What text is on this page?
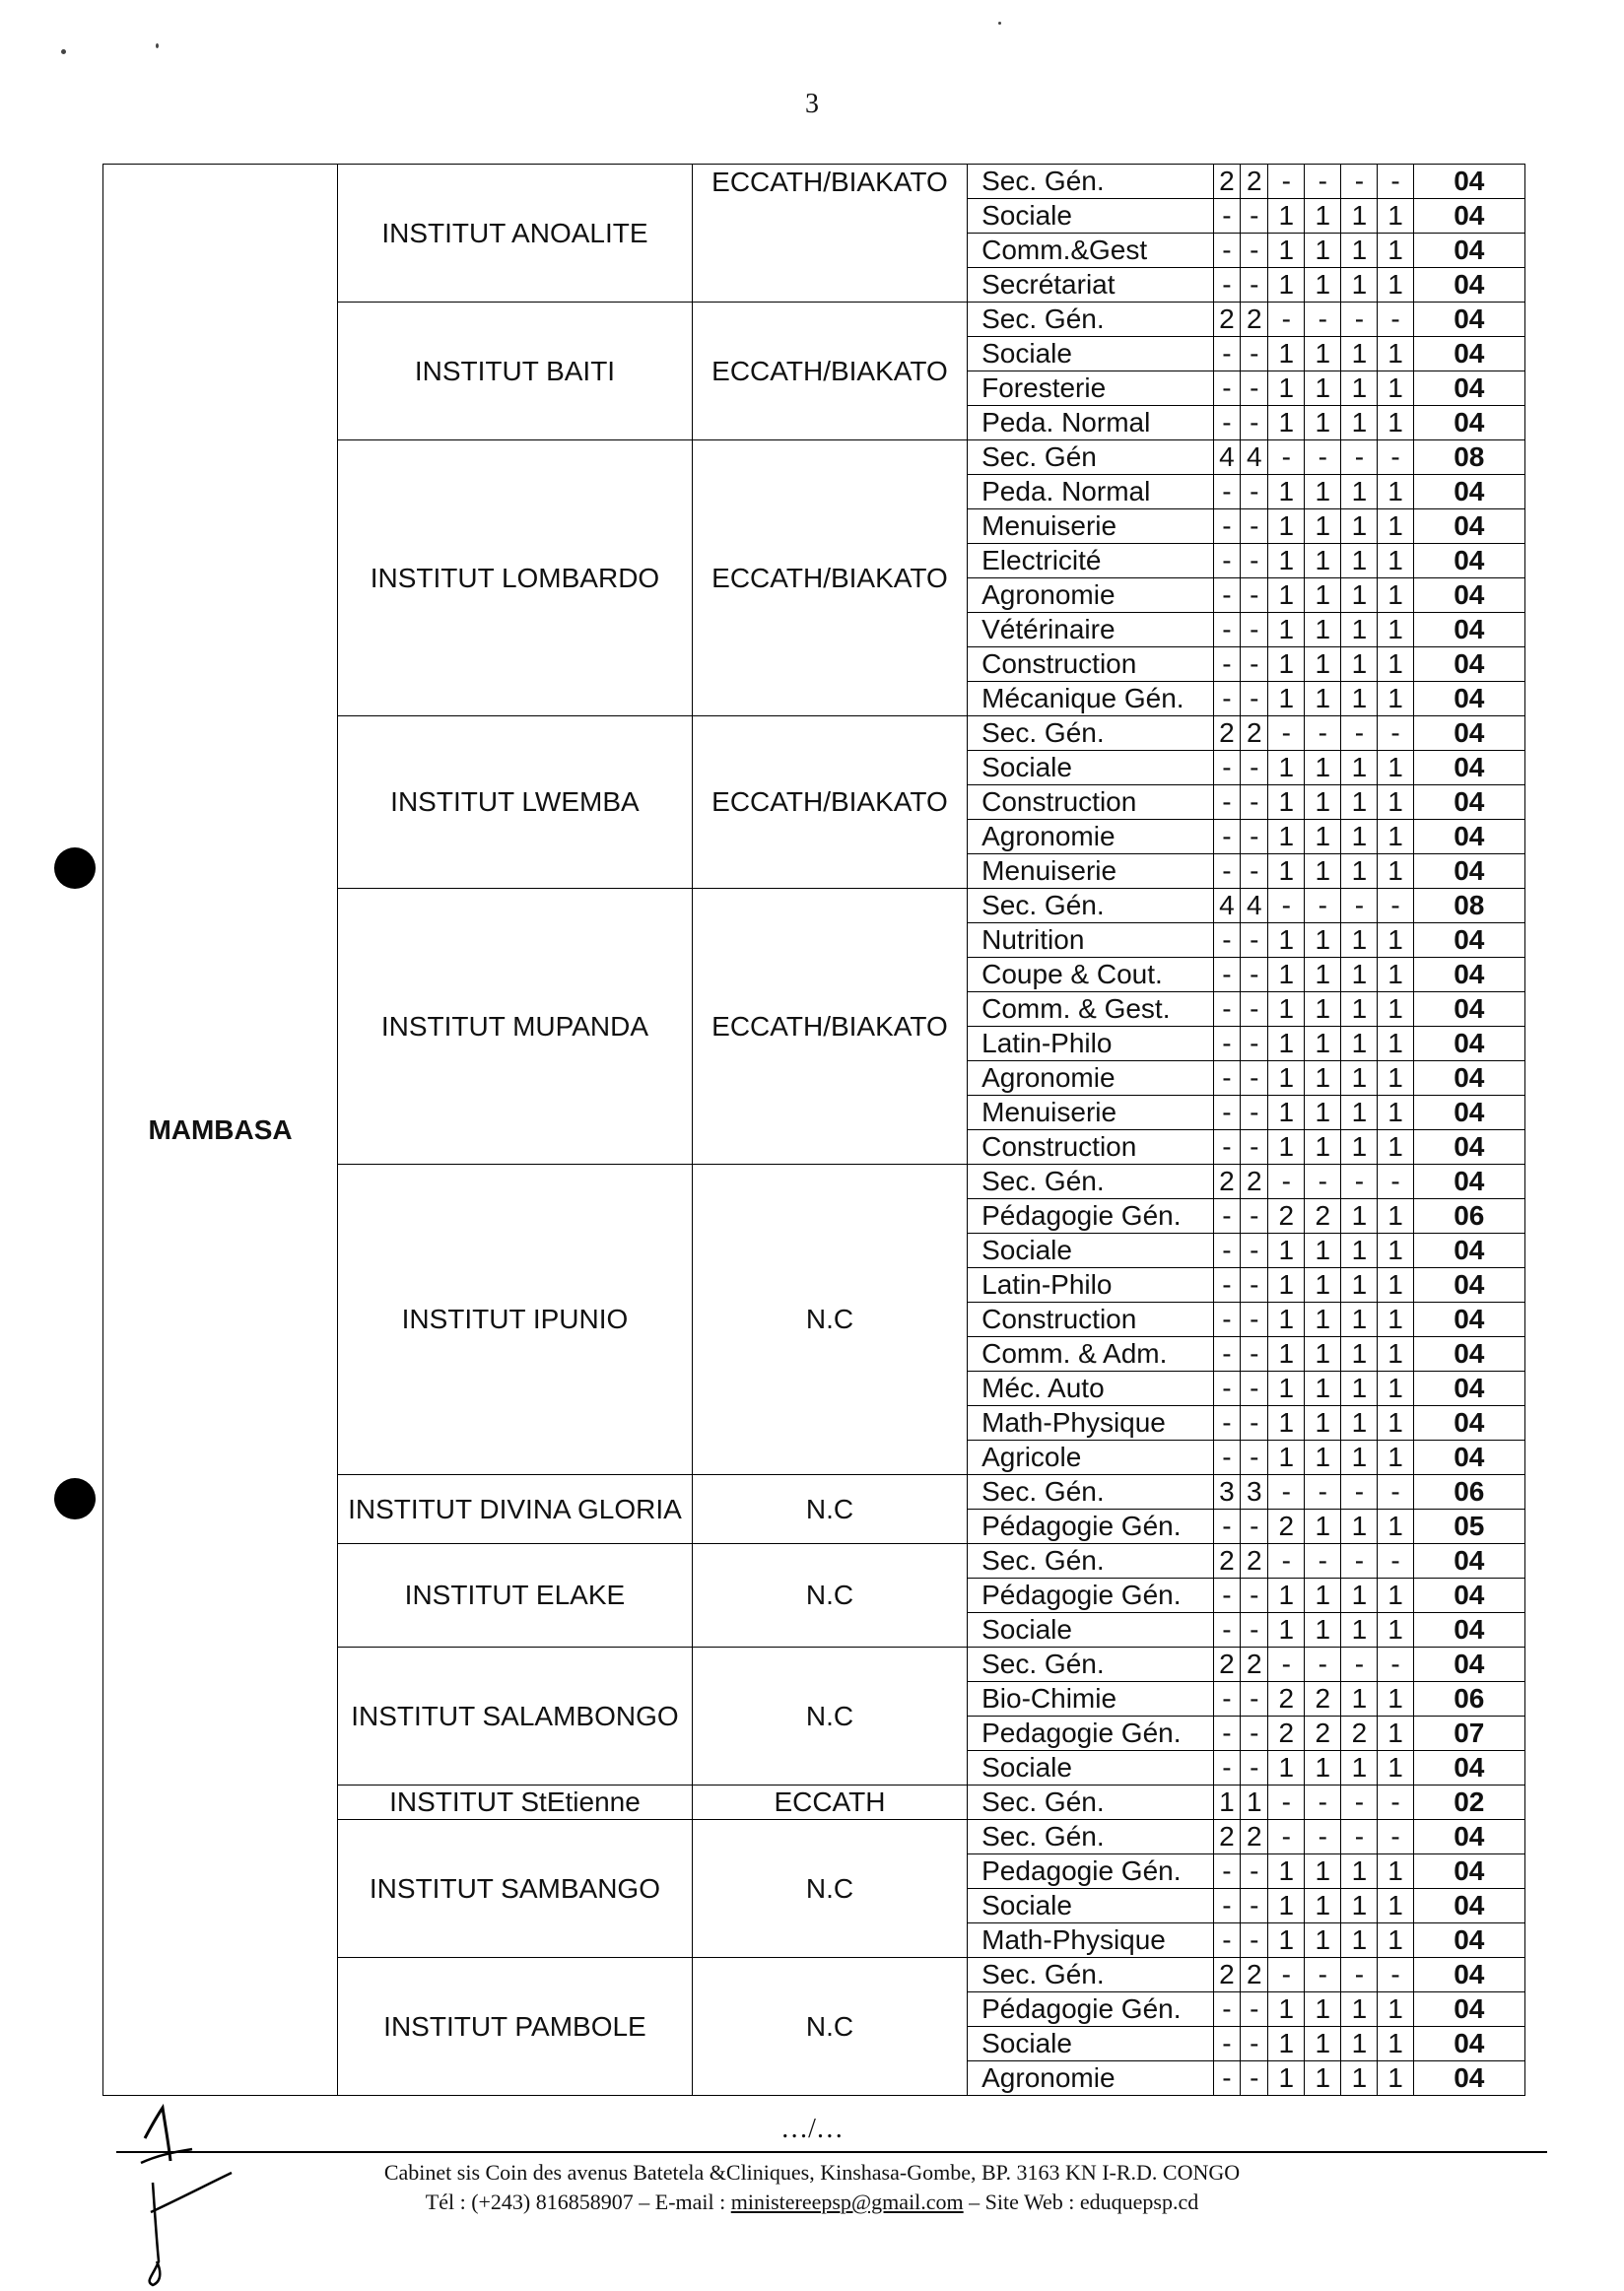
3
MAMBASA	INSTITUT ANOALITE	ECCATH/BIAKATO	Sec. Gén.	2	2	-	-	-	-	04
			Sociale	-	-	1	1	1	1	04
			Comm.&Gest	-	-	1	1	1	1	04
			Secrétariat	-	-	1	1	1	1	04
	INSTITUT BAITI	ECCATH/BIAKATO	Sec. Gén.	2	2	-	-	-	-	04
			Sociale	-	-	1	1	1	1	04
			Foresterie	-	-	1	1	1	1	04
			Peda. Normal	-	-	1	1	1	1	04
	INSTITUT LOMBARDO	ECCATH/BIAKATO	Sec. Gén	4	4	-	-	-	-	08
			Peda. Normal	-	-	1	1	1	1	04
			Menuiserie	-	-	1	1	1	1	04
			Electricité	-	-	1	1	1	1	04
			Agronomie	-	-	1	1	1	1	04
			Vétérinaire	-	-	1	1	1	1	04
			Construction	-	-	1	1	1	1	04
			Mécanique Gén.	-	-	1	1	1	1	04
	INSTITUT LWEMBA	ECCATH/BIAKATO	Sec. Gén.	2	2	-	-	-	-	04
			Sociale	-	-	1	1	1	1	04
			Construction	-	-	1	1	1	1	04
			Agronomie	-	-	1	1	1	1	04
			Menuiserie	-	-	1	1	1	1	04
	INSTITUT MUPANDA	ECCATH/BIAKATO	Sec. Gén.	4	4	-	-	-	-	08
			Nutrition	-	-	1	1	1	1	04
			Coupe & Cout.	-	-	1	1	1	1	04
			Comm. & Gest.	-	-	1	1	1	1	04
			Latin-Philo	-	-	1	1	1	1	04
			Agronomie	-	-	1	1	1	1	04
			Menuiserie	-	-	1	1	1	1	04
			Construction	-	-	1	1	1	1	04
	INSTITUT IPUNIO	N.C	Sec. Gén.	2	2	-	-	-	-	04
			Pédagogie Gén.	-	-	2	2	1	1	06
			Sociale	-	-	1	1	1	1	04
			Latin-Philo	-	-	1	1	1	1	04
			Construction	-	-	1	1	1	1	04
			Comm. & Adm.	-	-	1	1	1	1	04
			Méc. Auto	-	-	1	1	1	1	04
			Math-Physique	-	-	1	1	1	1	04
			Agricole	-	-	1	1	1	1	04
	INSTITUT DIVINA GLORIA	N.C	Sec. Gén.	3	3	-	-	-	-	06
			Pédagogie Gén.	-	-	2	1	1	1	05
	INSTITUT ELAKE	N.C	Sec. Gén.	2	2	-	-	-	-	04
			Pédagogie Gén.	-	-	1	1	1	1	04
			Sociale	-	-	1	1	1	1	04
	INSTITUT SALAMBONGO	N.C	Sec. Gén.	2	2	-	-	-	-	04
			Bio-Chimie	-	-	2	2	1	1	06
			Pedagogie Gén.	-	-	2	2	2	1	07
			Sociale	-	-	1	1	1	1	04
	INSTITUT StEtienne	ECCATH	Sec. Gén.	1	1	-	-	-	-	02
	INSTITUT SAMBANGO	N.C	Sec. Gén.	2	2	-	-	-	-	04
			Pedagogie Gén.	-	-	1	1	1	1	04
			Sociale	-	-	1	1	1	1	04
			Math-Physique	-	-	1	1	1	1	04
	INSTITUT PAMBOLE	N.C	Sec. Gén.	2	2	-	-	-	-	04
			Pédagogie Gén.	-	-	1	1	1	1	04
			Sociale	-	-	1	1	1	1	04
			Agronomie	-	-	1	1	1	1	04
…/…
Cabinet sis Coin des avenus Batetela &Cliniques, Kinshasa-Gombe, BP. 3163 KN I-R.D. CONGO
Tél : (+243) 816858907 – E-mail : ministereepsp@gmail.com – Site Web : eduquepsp.cd
